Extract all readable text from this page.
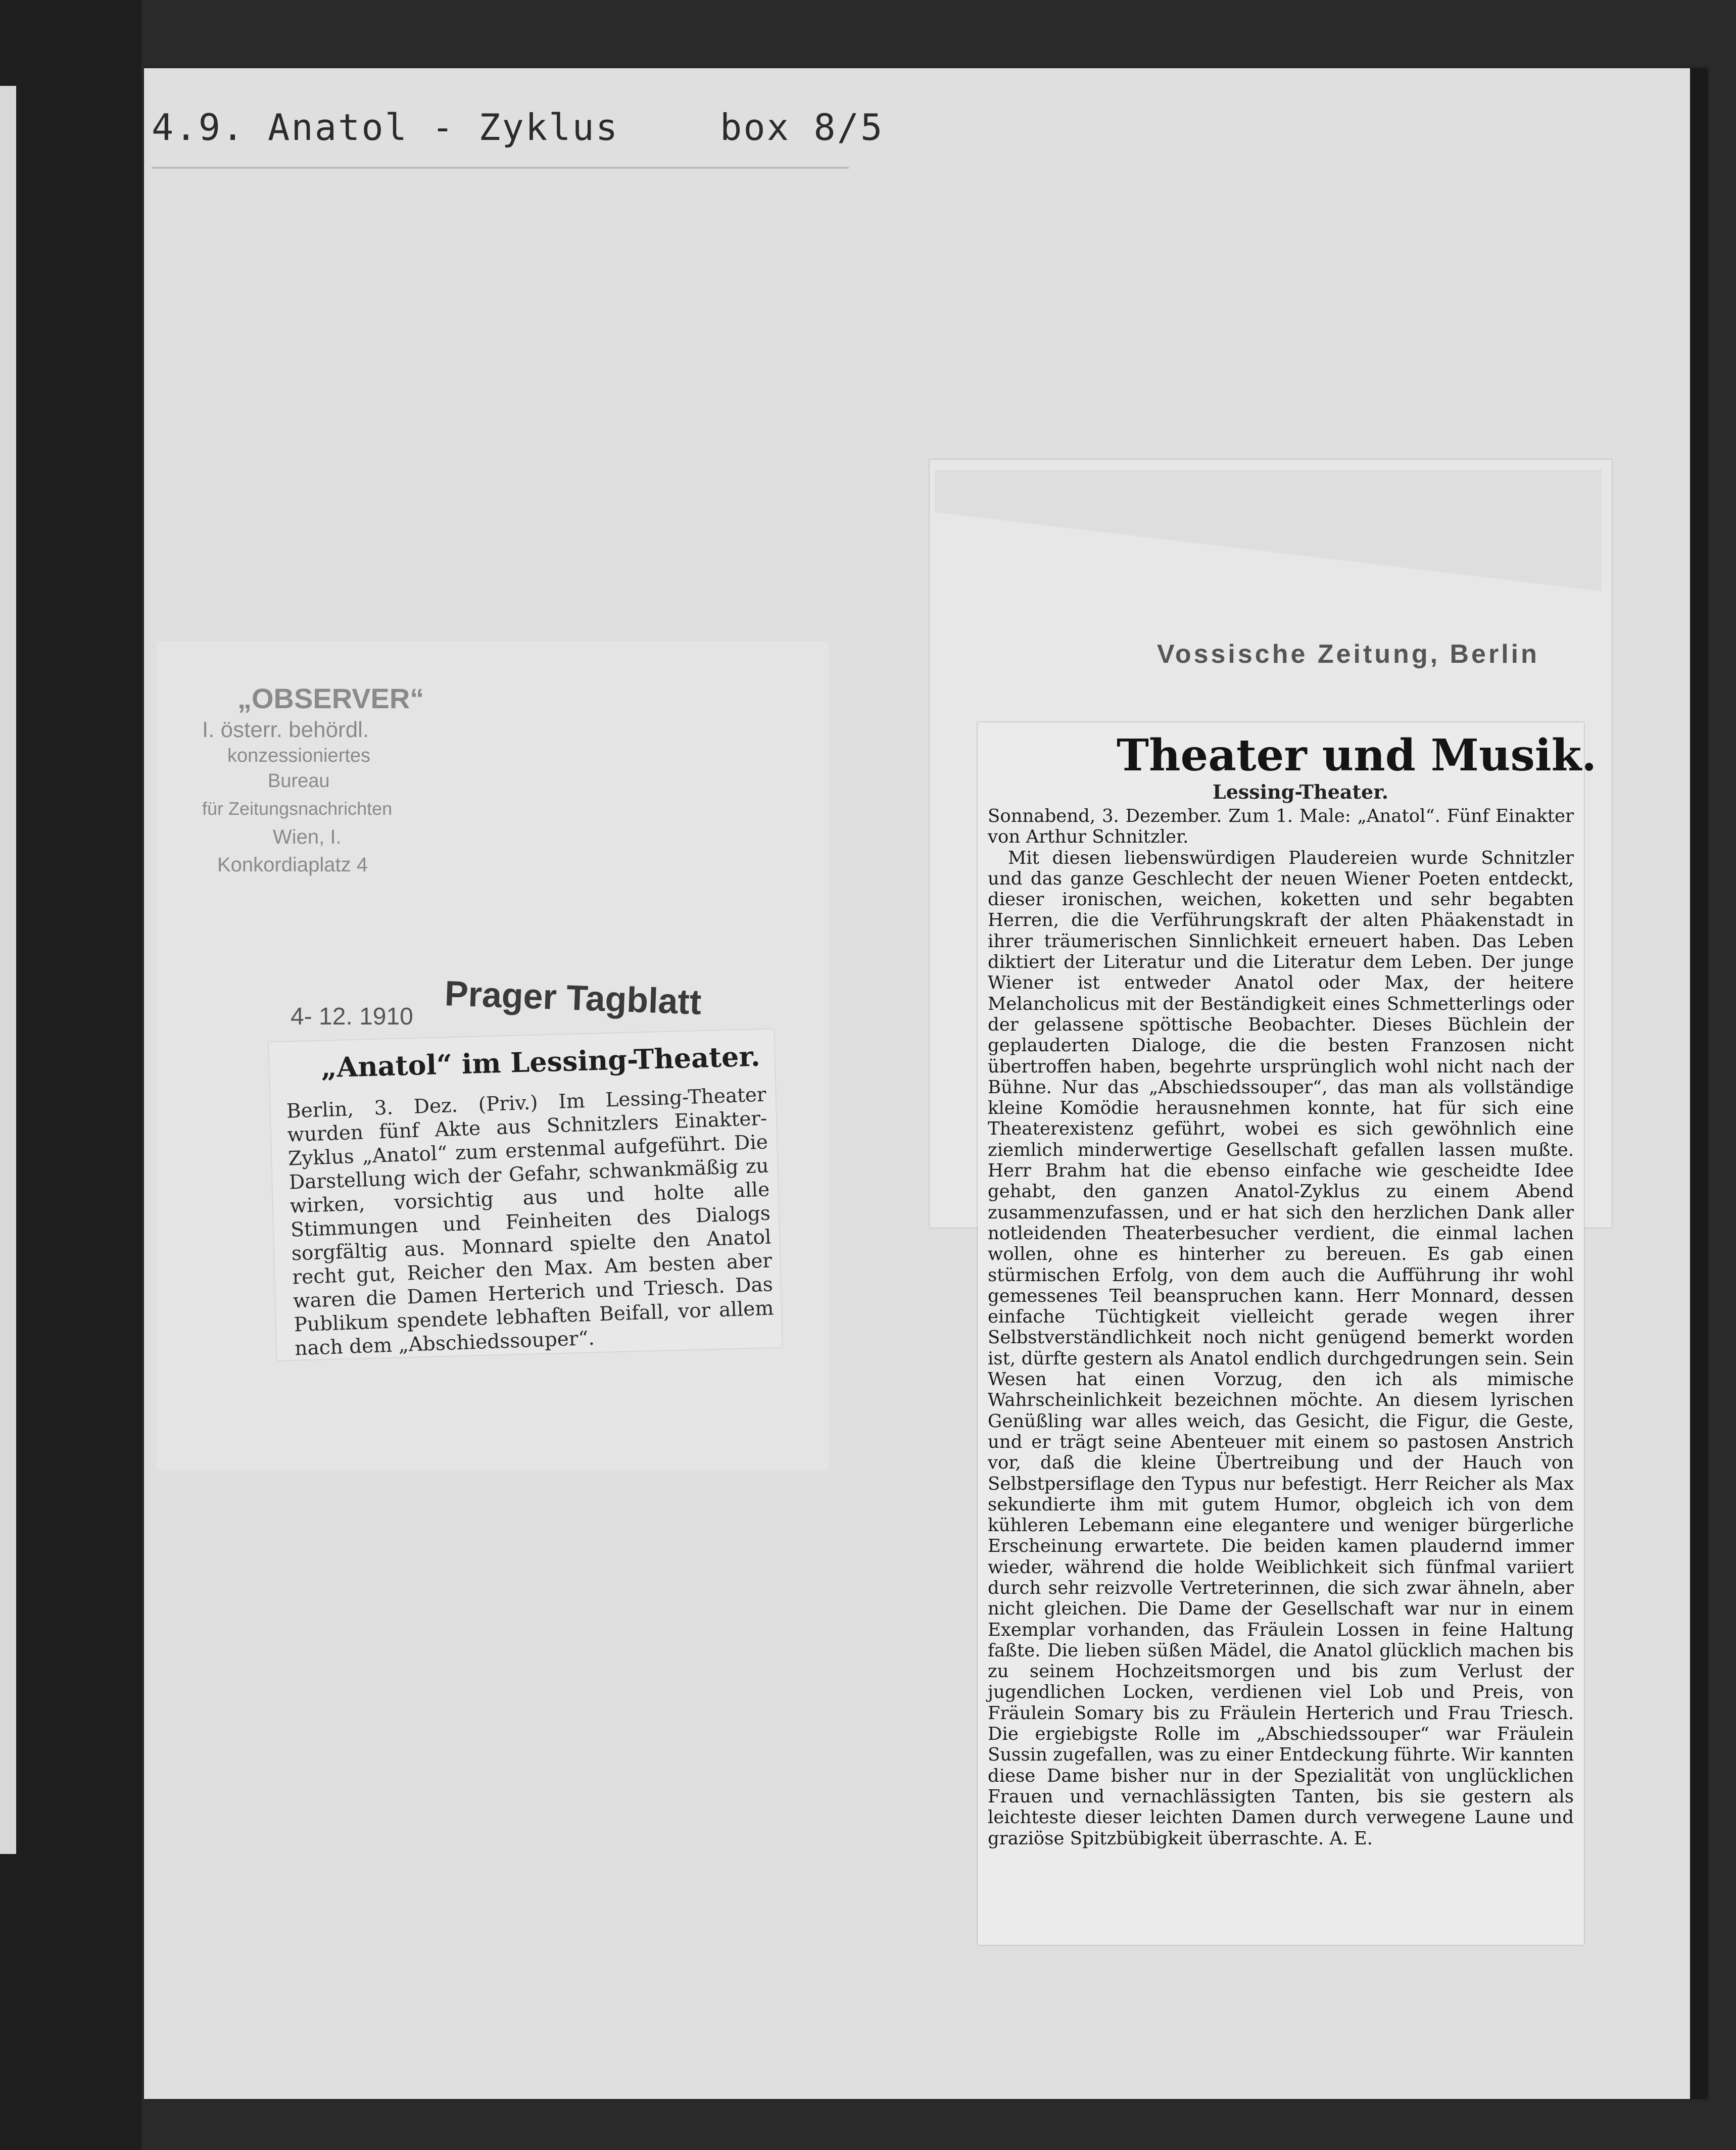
4.9. Anatol - Zyklus	box 8/5
„OBSERVER“
I. österr. behördl.
konzessioniertes
Bureau
für Zeitungsnachrichten
Wien, I.
Konkordiaplatz 4
4- 12. 1910 Prager Tagblatt
„Anatol“ im Lessing-Theater.
Berlin, 3. Dez. (Priv.) Im Lessing-Theater wurden fünf Akte aus Schnitzlers Einakter-Zyklus „Anatol“ zum erstenmal aufgeführt. Die Darstellung wich der Gefahr, schwankmäßig zu wirken, vorsichtig aus und holte alle Stimmungen und Feinheiten des Dialogs sorgfältig aus. Monnard spielte den Anatol recht gut, Reicher den Max. Am besten aber waren die Damen Herterich und Triesch. Das Publikum spendete lebhaften Beifall, vor allem nach dem „Abschiedssouper“.
Vossische Zeitung, Berlin
Theater und Musik.
Lessing-Theater.

Sonnabend, 3. Dezember. Zum 1. Male: „Anatol“. Fünf Einakter von Arthur Schnitzler.

Mit diesen liebenswürdigen Plaudereien wurde Schnitzler und das ganze Geschlecht der neuen Wiener Poeten entdeckt, dieser ironischen, weichen, koketten und sehr begabten Herren, die die Verführungskraft der alten Phäakenstadt in ihrer träumerischen Sinnlichkeit erneuert haben. Das Leben diktiert der Literatur und die Literatur dem Leben. Der junge Wiener ist entweder Anatol oder Max, der heitere Melancholicus mit der Beständigkeit eines Schmetterlings oder der gelassene spöttische Beobachter. Dieses Büchlein der geplauderten Dialoge, die die besten Franzosen nicht übertroffen haben, begehrte ursprünglich wohl nicht nach der Bühne. Nur das „Abschiedssouper“, das man als vollständige kleine Komödie herausnehmen konnte, hat für sich eine Theaterexistenz geführt, wobei es sich gewöhnlich eine ziemlich minderwertige Gesellschaft gefallen lassen mußte. Herr Brahm hat die ebenso einfache wie gescheidte Idee gehabt, den ganzen Anatol-Zyklus zu einem Abend zusammenzufassen, und er hat sich den herzlichen Dank aller notleidenden Theaterbesucher verdient, die einmal lachen wollen, ohne es hinterher zu bereuen. Es gab einen stürmischen Erfolg, von dem auch die Aufführung ihr wohl gemessenes Teil beanspruchen kann. Herr Monnard, dessen einfache Tüchtigkeit vielleicht gerade wegen ihrer Selbstverständlichkeit noch nicht genügend bemerkt worden ist, dürfte gestern als Anatol endlich durchgedrungen sein. Sein Wesen hat einen Vorzug, den ich als mimische Wahrscheinlichkeit bezeichnen möchte. An diesem lyrischen Genüßling war alles weich, das Gesicht, die Figur, die Geste, und er trägt seine Abenteuer mit einem so pastosen Anstrich vor, daß die kleine Übertreibung und der Hauch von Selbstpersiflage den Typus nur befestigt. Herr Reicher als Max sekundierte ihm mit gutem Humor, obgleich ich von dem kühleren Lebemann eine elegantere und weniger bürgerliche Erscheinung erwartete. Die beiden kamen plaudernd immer wieder, während die holde Weiblichkeit sich fünfmal variiert durch sehr reizvolle Vertreterinnen, die sich zwar ähneln, aber nicht gleichen. Die Dame der Gesellschaft war nur in einem Exemplar vorhanden, das Fräulein Lossen in feine Haltung faßte. Die lieben süßen Mädel, die Anatol glücklich machen bis zu seinem Hochzeitsmorgen und bis zum Verlust der jugendlichen Locken, verdienen viel Lob und Preis, von Fräulein Somary bis zu Fräulein Herterich und Frau Triesch. Die ergiebigste Rolle im „Abschiedssouper“ war Fräulein Sussin zugefallen, was zu einer Entdeckung führte. Wir kannten diese Dame bisher nur in der Spezialität von unglücklichen Frauen und vernachlässigten Tanten, bis sie gestern als leichteste dieser leichten Damen durch verwegene Laune und graziöse Spitzbübigkeit überraschte. A. E.
